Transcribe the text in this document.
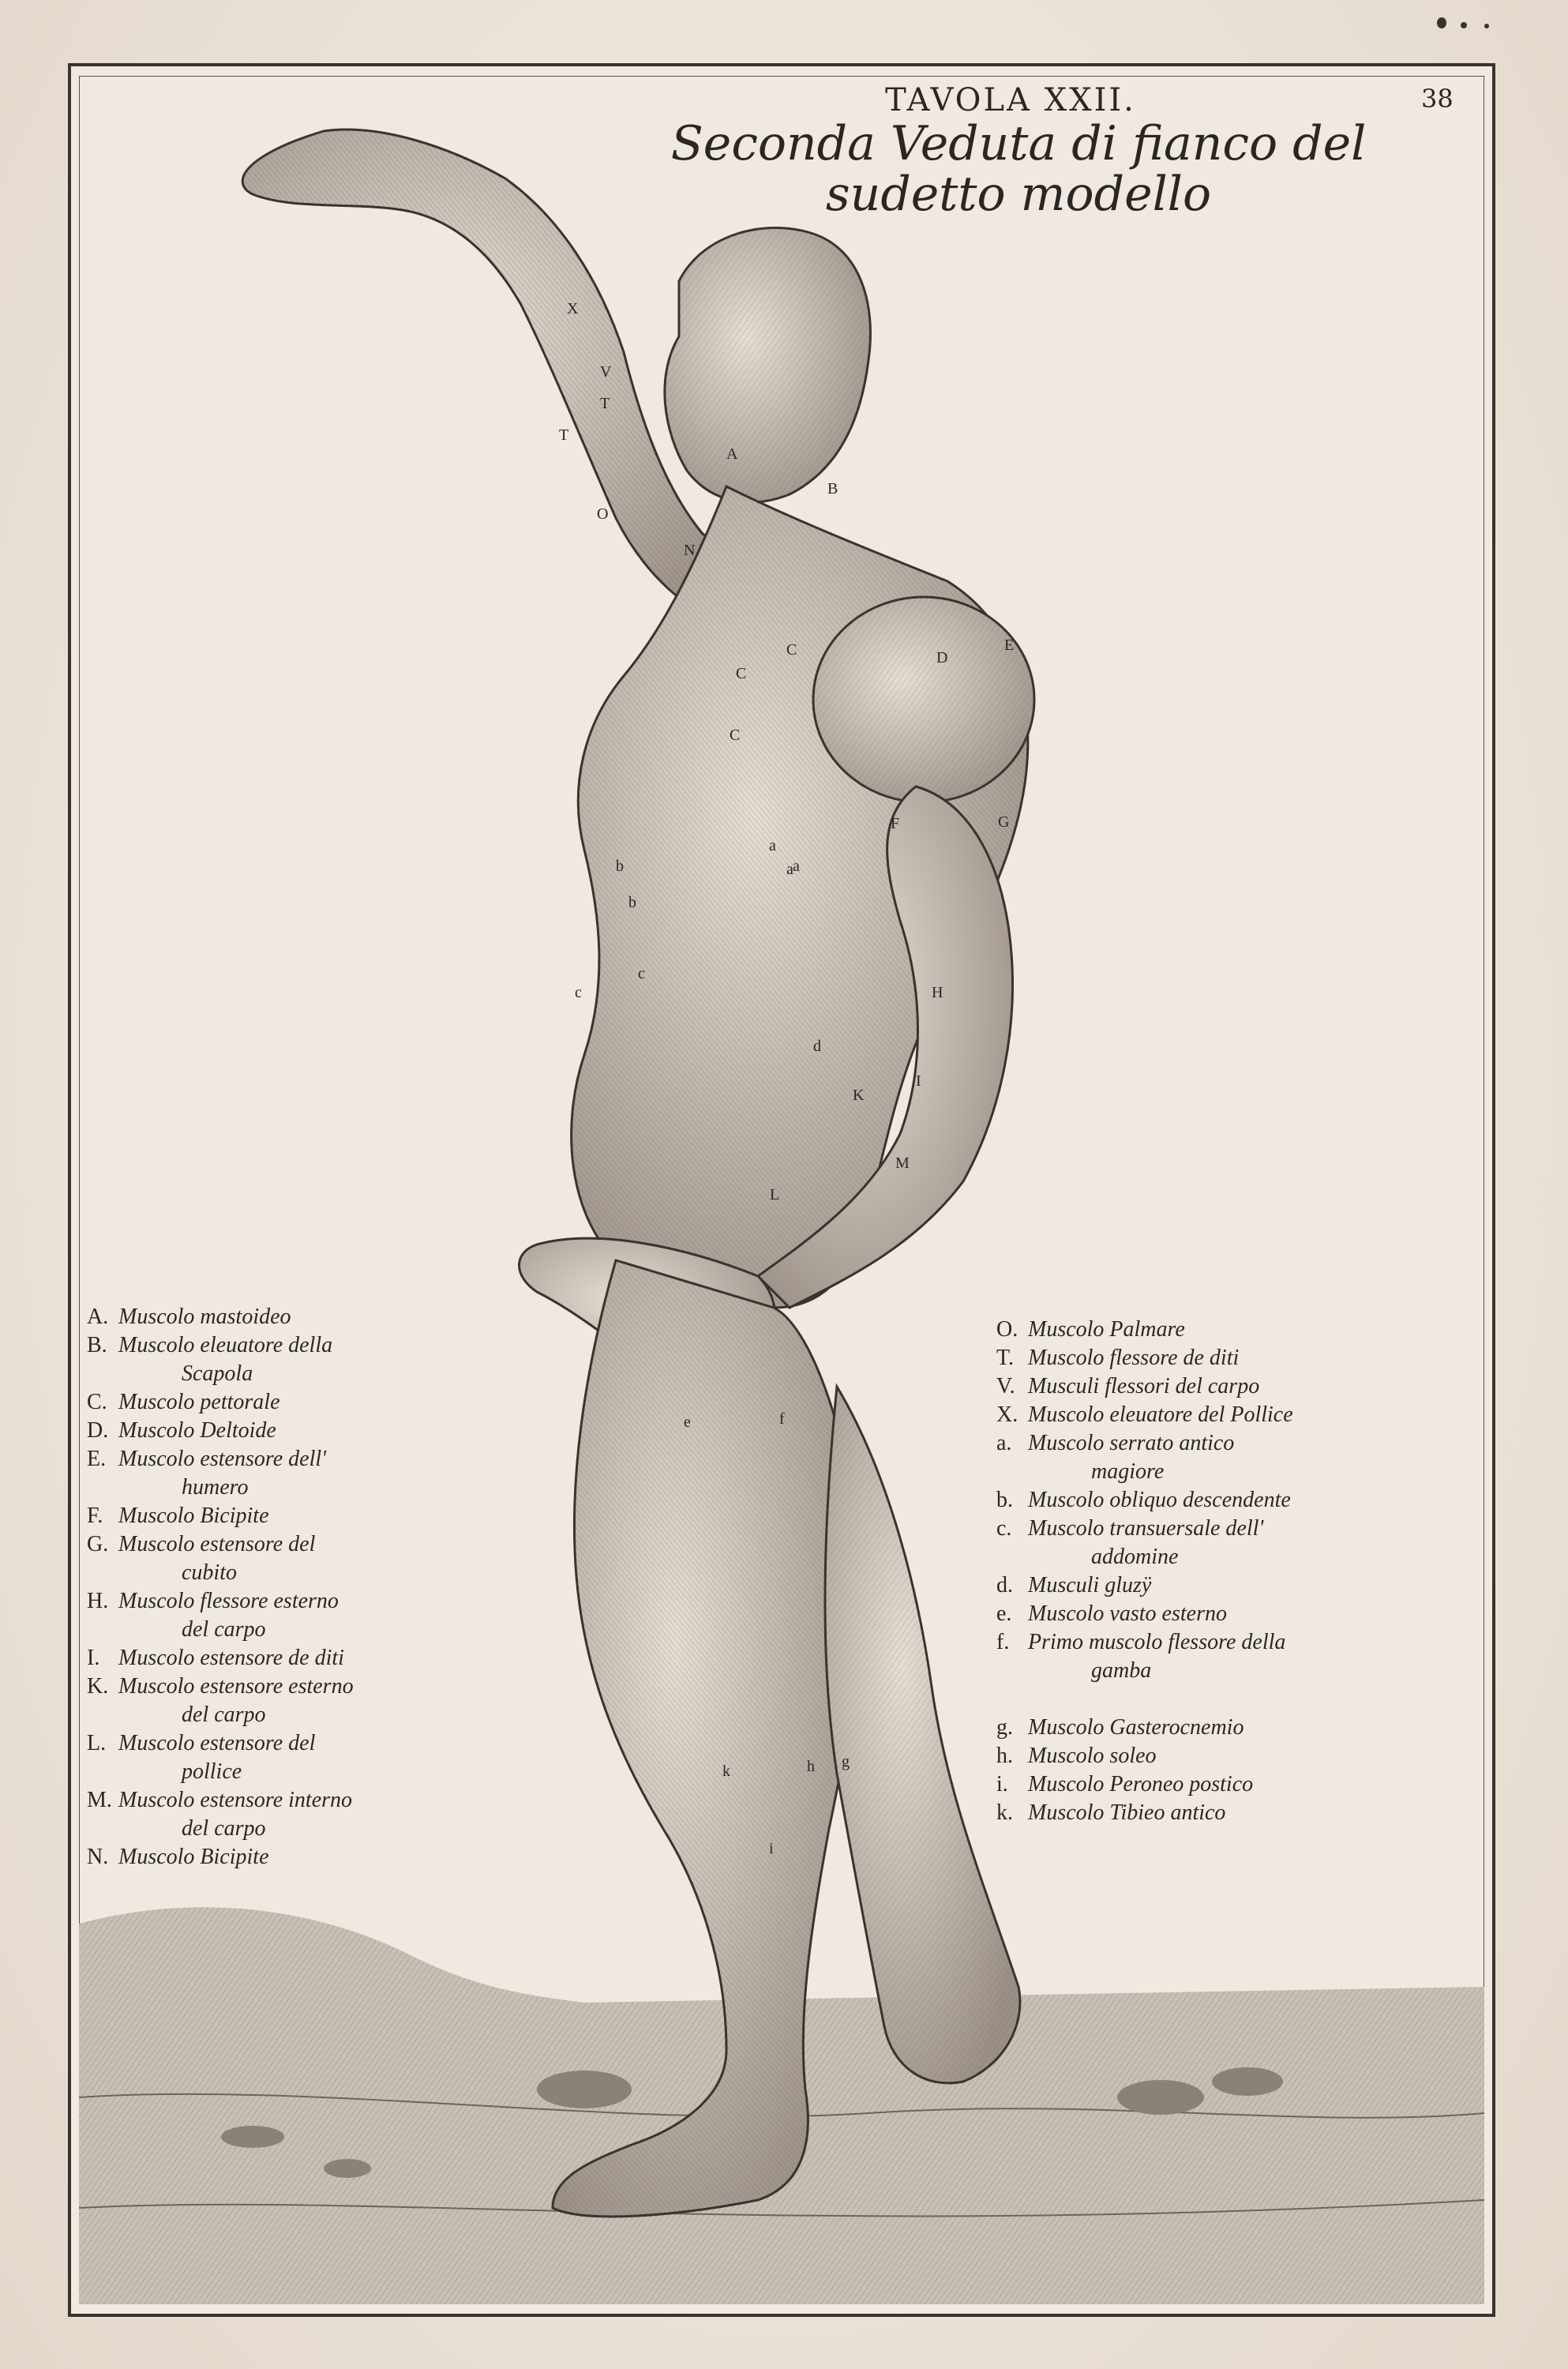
TAVOLA XXII.	38
Seconda Veduta di fianco del
sudetto modello
X
V
T
T
O
N
A
B
C
C
C
D
E
F	G
a
a a
b
b
c
c
d
H
I
K
L
M
e	f
g
h
k
i
A. Muscolo mastoideo
B. Muscolo eleuatore della
Scapola
C. Muscolo pettorale
D. Muscolo Deltoide
E. Muscolo estensore dell'
humero
F. Muscolo Bicipite
G. Muscolo estensore del
cubito
H. Muscolo flessore esterno
del carpo
I. Muscolo estensore de diti
K. Muscolo estensore esterno
del carpo
L. Muscolo estensore del
pollice
M. Muscolo estensore interno
del carpo
N. Muscolo Bicipite
O. Muscolo Palmare
T. Muscolo flessore de diti
V. Musculi flessori del carpo
X. Muscolo eleuatore del Pollice
a. Muscolo serrato antico
magiore
b. Muscolo obliquo descendente
c. Muscolo transuersale dell'
addomine
d. Musculi gluzÿ
e. Muscolo vasto esterno
f. Primo muscolo flessore della
gamba
g. Muscolo Gasterocnemio
h. Muscolo soleo
i. Muscolo Peroneo postico
k. Muscolo Tibieo antico
